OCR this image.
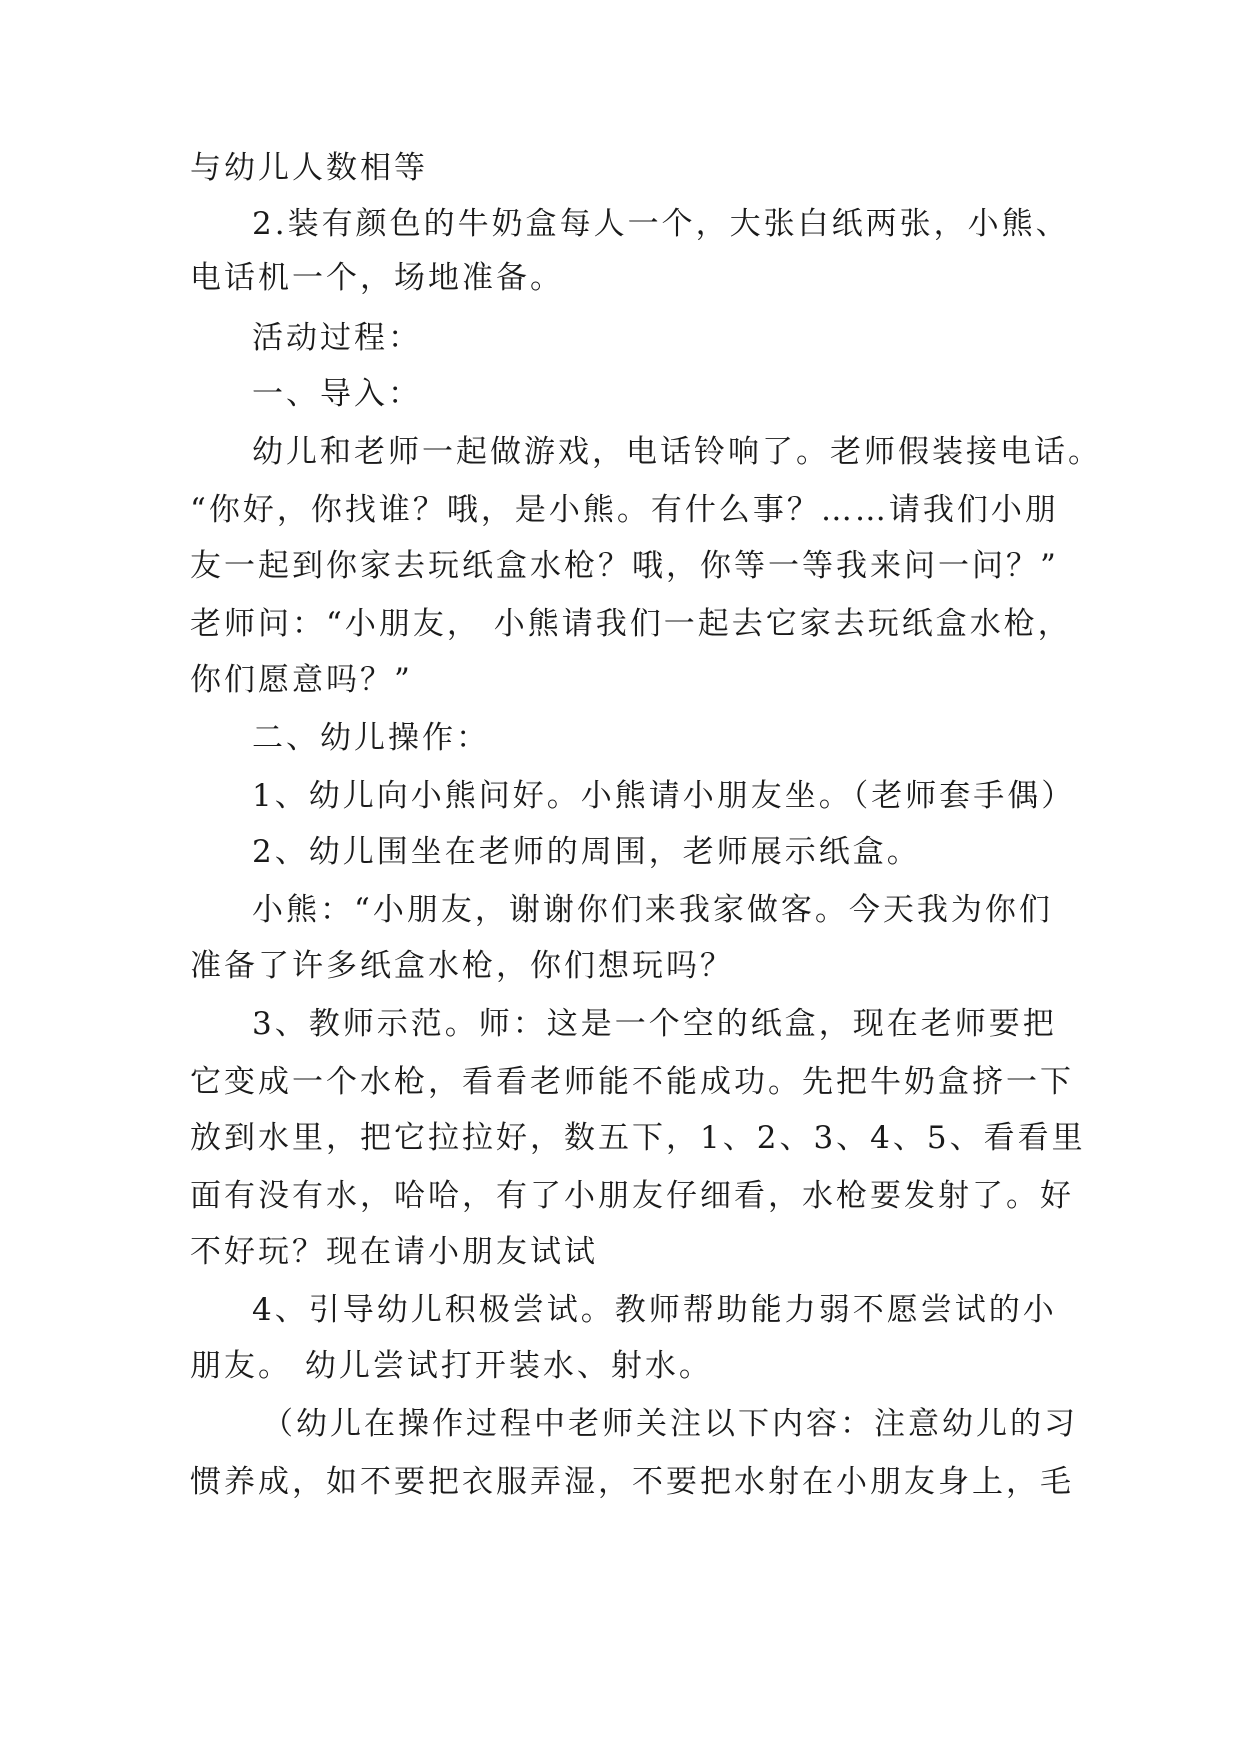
与幼儿人数相等
2.装有颜色的牛奶盒每人一个，大张白纸两张，小熊、
电话机一个，场地准备。
活动过程：
一、导入：
幼儿和老师一起做游戏，电话铃响了。老师假装接电话。
“你好，你找谁？哦，是小熊。有什么事？……请我们小朋
友一起到你家去玩纸盒水枪？哦，你等一等我来问一问？”
老师问：“小朋友， 小熊请我们一起去它家去玩纸盒水枪，
你们愿意吗？”
二、幼儿操作：
1、幼儿向小熊问好。小熊请小朋友坐。（老师套手偶）
2、幼儿围坐在老师的周围，老师展示纸盒。
小熊：“小朋友，谢谢你们来我家做客。今天我为你们
准备了许多纸盒水枪，你们想玩吗？
3、教师示范。师：这是一个空的纸盒，现在老师要把
它变成一个水枪，看看老师能不能成功。先把牛奶盒挤一下
放到水里，把它拉拉好，数五下，1、2、3、4、5、看看里
面有没有水，哈哈，有了小朋友仔细看，水枪要发射了。好
不好玩？现在请小朋友试试
4、引导幼儿积极尝试。教师帮助能力弱不愿尝试的小
朋友。 幼儿尝试打开装水、射水。
（幼儿在操作过程中老师关注以下内容：注意幼儿的习
惯养成，如不要把衣服弄湿，不要把水射在小朋友身上，毛
